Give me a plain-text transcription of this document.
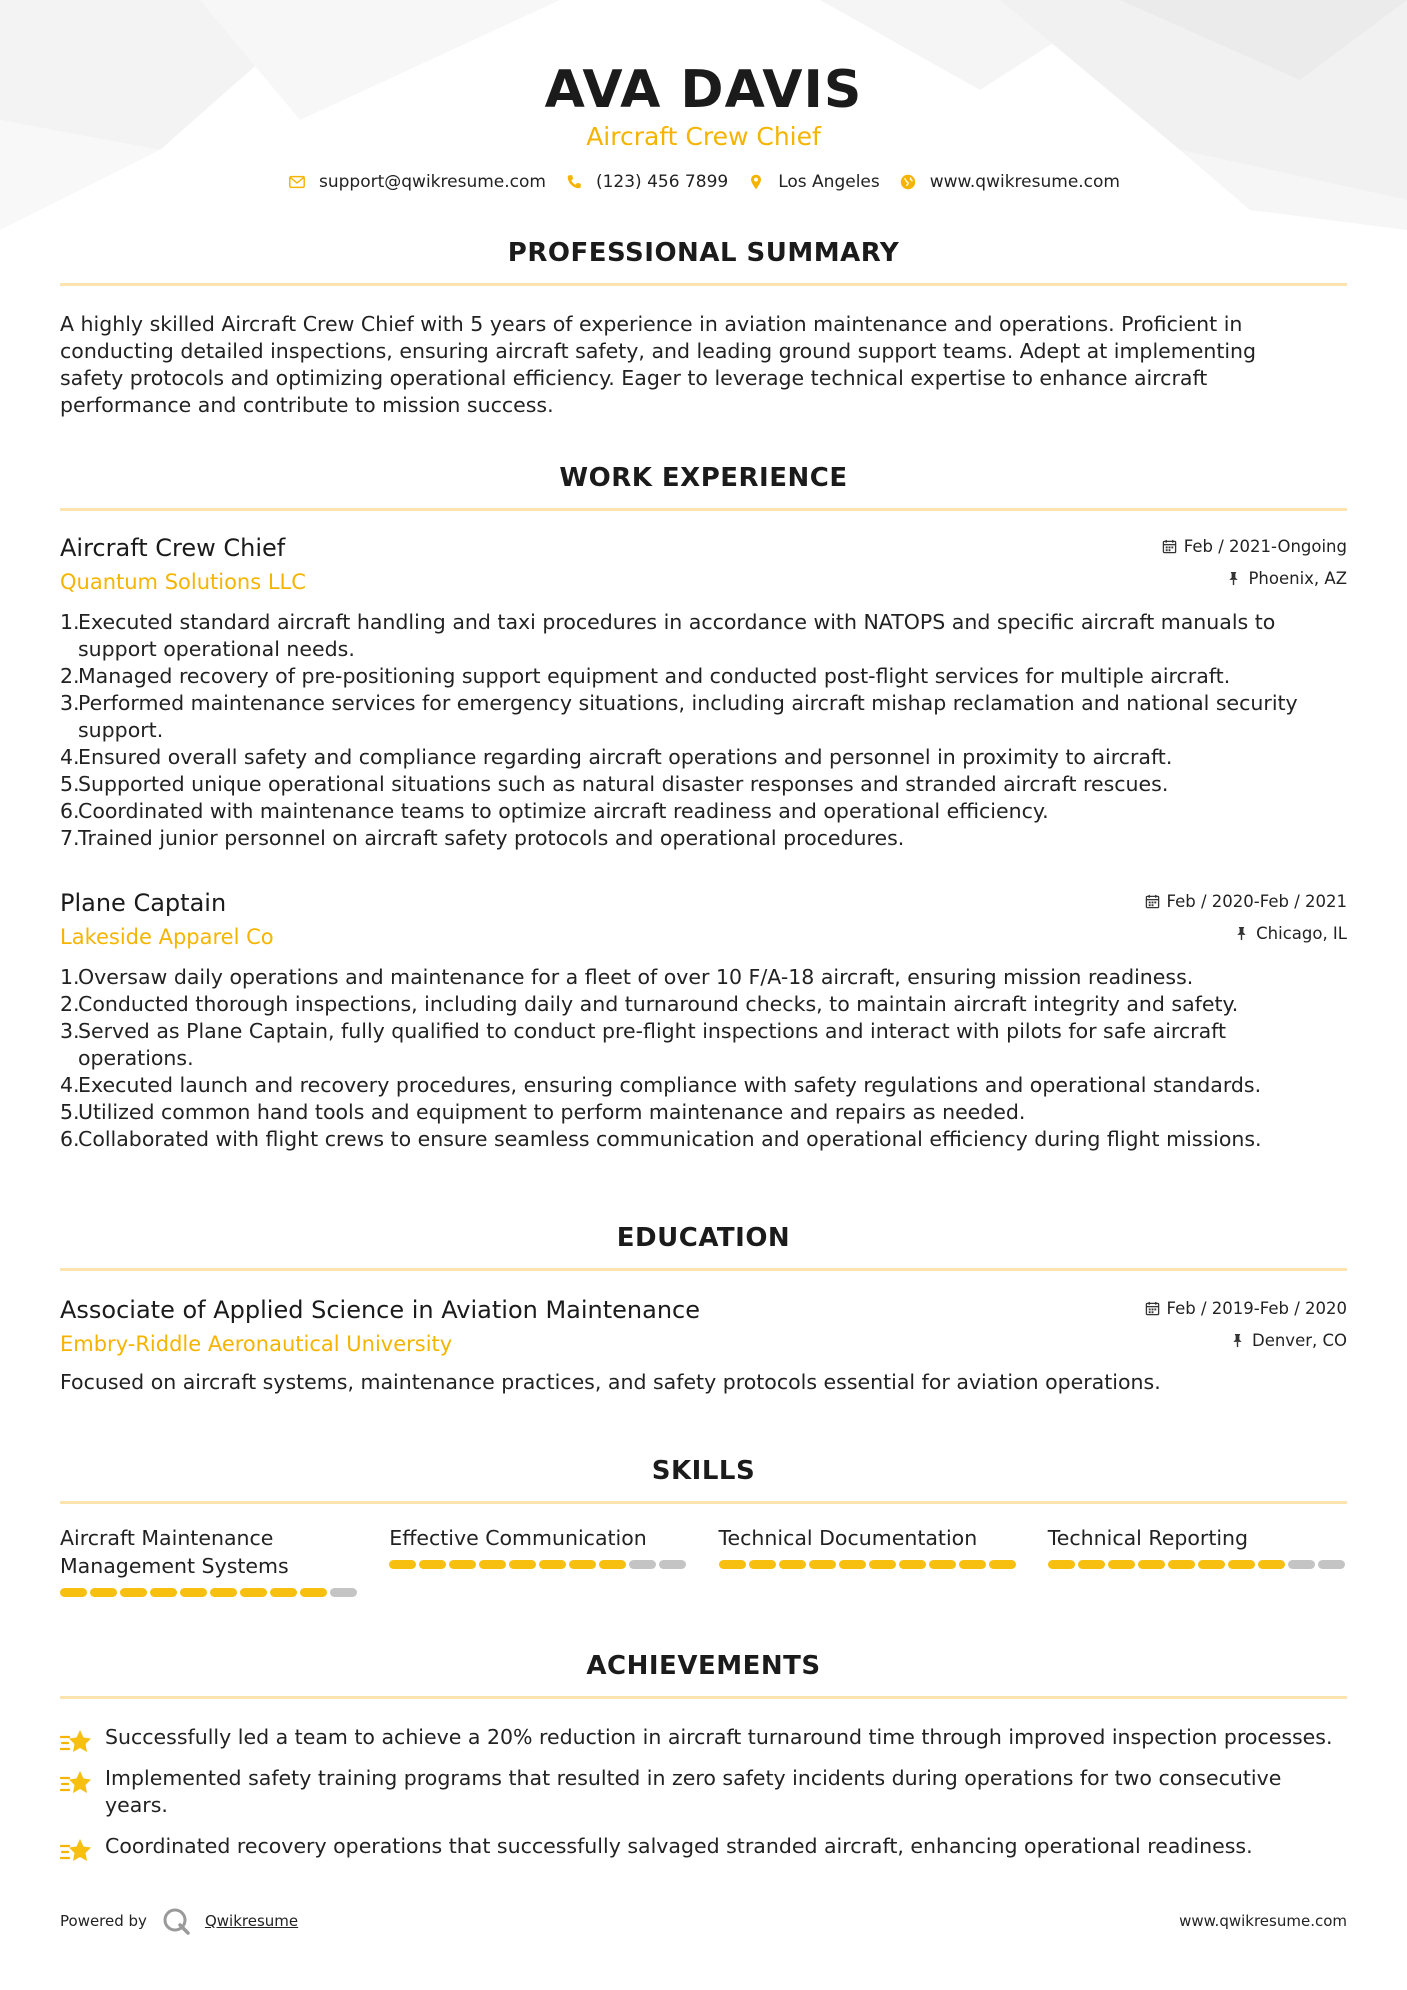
AVA DAVIS
Aircraft Crew Chief
support@qwikresume.com	(123) 456 7899	Los Angeles	www.qwikresume.com
PROFESSIONAL SUMMARY
A highly skilled Aircraft Crew Chief with 5 years of experience in aviation maintenance and operations. Proficient in conducting detailed inspections, ensuring aircraft safety, and leading ground support teams. Adept at implementing safety protocols and optimizing operational efficiency. Eager to leverage technical expertise to enhance aircraft performance and contribute to mission success.
WORK EXPERIENCE
Aircraft Crew Chief
Quantum Solutions LLC
Feb / 2021-Ongoing
Phoenix, AZ
1.
Executed standard aircraft handling and taxi procedures in accordance with NATOPS and specific aircraft manuals to support operational needs.
2.
Managed recovery of pre-positioning support equipment and conducted post-flight services for multiple aircraft.
3.
Performed maintenance services for emergency situations, including aircraft mishap reclamation and national security support.
4.
Ensured overall safety and compliance regarding aircraft operations and personnel in proximity to aircraft.
5.
Supported unique operational situations such as natural disaster responses and stranded aircraft rescues.
6.
Coordinated with maintenance teams to optimize aircraft readiness and operational efficiency.
7.
Trained junior personnel on aircraft safety protocols and operational procedures.
Plane Captain
Lakeside Apparel Co
Feb / 2020-Feb / 2021
Chicago, IL
1.
Oversaw daily operations and maintenance for a fleet of over 10 F/A-18 aircraft, ensuring mission readiness.
2.
Conducted thorough inspections, including daily and turnaround checks, to maintain aircraft integrity and safety.
3.
Served as Plane Captain, fully qualified to conduct pre-flight inspections and interact with pilots for safe aircraft operations.
4.
Executed launch and recovery procedures, ensuring compliance with safety regulations and operational standards.
5.
Utilized common hand tools and equipment to perform maintenance and repairs as needed.
6.
Collaborated with flight crews to ensure seamless communication and operational efficiency during flight missions.
EDUCATION
Associate of Applied Science in Aviation Maintenance
Embry-Riddle Aeronautical University
Feb / 2019-Feb / 2020
Denver, CO
Focused on aircraft systems, maintenance practices, and safety protocols essential for aviation operations.
SKILLS
Aircraft Maintenance Management Systems
Effective Communication	Technical Documentation	Technical Reporting
ACHIEVEMENTS
Successfully led a team to achieve a 20% reduction in aircraft turnaround time through improved inspection processes.
Implemented safety training programs that resulted in zero safety incidents during operations for two consecutive years.
Coordinated recovery operations that successfully salvaged stranded aircraft, enhancing operational readiness.
Powered by	Qwikresume	www.qwikresume.com
